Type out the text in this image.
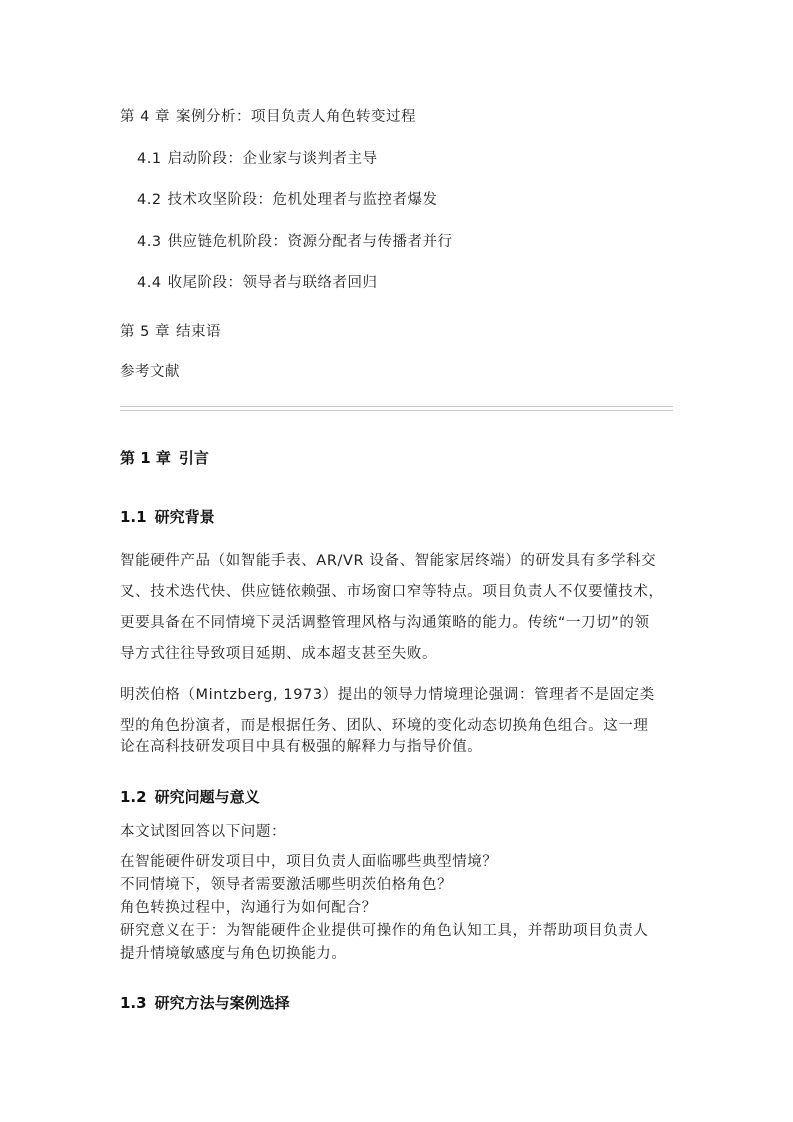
第 4 章 案例分析：项目负责人角色转变过程
4.1 启动阶段：企业家与谈判者主导
4.2 技术攻坚阶段：危机处理者与监控者爆发
4.3 供应链危机阶段：资源分配者与传播者并行
4.4 收尾阶段：领导者与联络者回归
第 5 章 结束语
参考文献
第 1 章 引言
1.1 研究背景
智能硬件产品（如智能手表、AR/VR 设备、智能家居终端）的研发具有多学科交
叉、技术迭代快、供应链依赖强、市场窗口窄等特点。项目负责人不仅要懂技术，
更要具备在不同情境下灵活调整管理风格与沟通策略的能力。传统“一刀切”的领
导方式往往导致项目延期、成本超支甚至失败。
明茨伯格（Mintzberg, 1973）提出的领导力情境理论强调：管理者不是固定类
型的角色扮演者，而是根据任务、团队、环境的变化动态切换角色组合。这一理
论在高科技研发项目中具有极强的解释力与指导价值。
1.2 研究问题与意义
本文试图回答以下问题：
在智能硬件研发项目中，项目负责人面临哪些典型情境？
不同情境下，领导者需要激活哪些明茨伯格角色？
角色转换过程中，沟通行为如何配合？
研究意义在于：为智能硬件企业提供可操作的角色认知工具，并帮助项目负责人
提升情境敏感度与角色切换能力。
1.3 研究方法与案例选择
